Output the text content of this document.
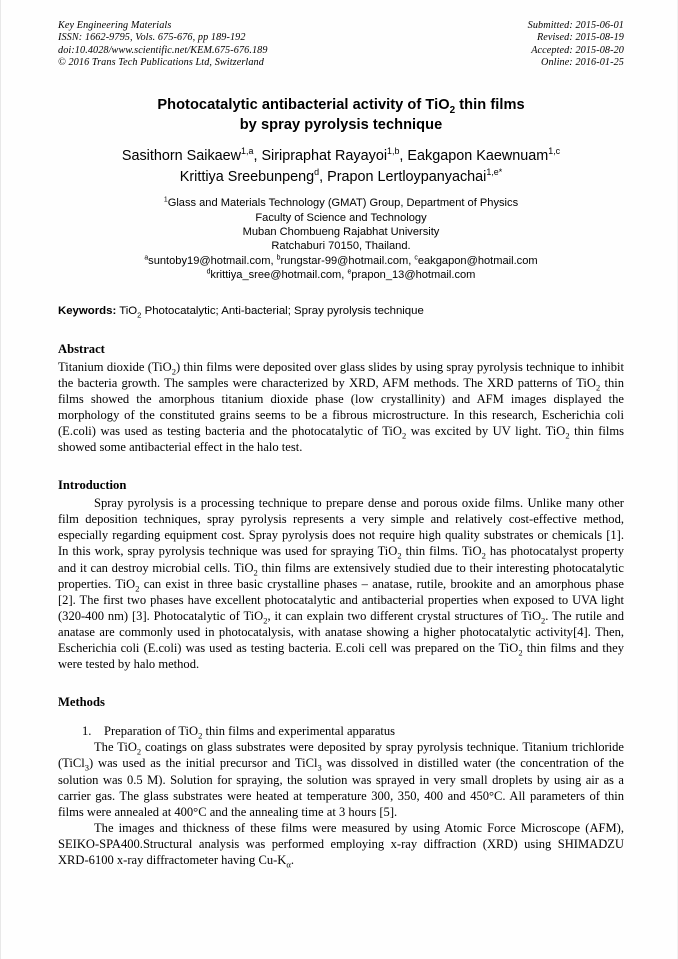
Key Engineering Materials
ISSN: 1662-9795, Vols. 675-676, pp 189-192
doi:10.4028/www.scientific.net/KEM.675-676.189
© 2016 Trans Tech Publications Ltd, Switzerland
Submitted: 2015-06-01
Revised: 2015-08-19
Accepted: 2015-08-20
Online: 2016-01-25
Photocatalytic antibacterial activity of TiO$_2$ thin films
by spray pyrolysis technique
Sasithorn Saikaew$^{1,a}$, Siripraphat Rayayoi$^{1,b}$, Eakgapon Kaewnuam$^{1,c}$
Krittiya Sreebunpeng$^d$, Prapon Lertloypanyachai$^{1,e*}$
$^1$Glass and Materials Technology (GMAT) Group, Department of Physics
Faculty of Science and Technology
Muban Chombueng Rajabhat University
Ratchaburi 70150, Thailand.
$^a$suntoby19@hotmail.com, $^b$rungstar-99@hotmail.com, $^c$eakgapon@hotmail.com
$^d$krittiya_sree@hotmail.com, $^e$prapon_13@hotmail.com
Keywords: TiO$_2$ Photocatalytic; Anti-bacterial; Spray pyrolysis technique
Abstract

Titanium dioxide (TiO$_2$) thin films were deposited over glass slides by using spray pyrolysis technique to inhibit the bacteria growth. The samples were characterized by XRD, AFM methods. The XRD patterns of TiO$_2$ thin films showed the amorphous titanium dioxide phase (low crystallinity) and AFM images displayed the morphology of the constituted grains seems to be a fibrous microstructure. In this research, Escherichia coli (E.coli) was used as testing bacteria and the photocatalytic of TiO$_2$ was excited by UV light. TiO$_2$ thin films showed some antibacterial effect in the halo test.

Introduction

Spray pyrolysis is a processing technique to prepare dense and porous oxide films. Unlike many other film deposition techniques, spray pyrolysis represents a very simple and relatively cost-effective method, especially regarding equipment cost. Spray pyrolysis does not require high quality substrates or chemicals [1]. In this work, spray pyrolysis technique was used for spraying TiO$_2$ thin films. TiO$_2$ has photocatalyst property and it can destroy microbial cells. TiO$_2$ thin films are extensively studied due to their interesting photocatalytic properties. TiO$_2$ can exist in three basic crystalline phases – anatase, rutile, brookite and an amorphous phase [2]. The first two phases have excellent photocatalytic and antibacterial properties when exposed to UVA light (320-400 nm) [3]. Photocatalytic of TiO$_2$, it can explain two different crystal structures of TiO$_2$. The rutile and anatase are commonly used in photocatalysis, with anatase showing a higher photocatalytic activity[4]. Then, Escherichia coli (E.coli) was used as testing bacteria. E.coli cell was prepared on the TiO$_2$ thin films and they were tested by halo method.

Methods
1. Preparation of TiO$_2$ thin films and experimental apparatus

The TiO$_2$ coatings on glass substrates were deposited by spray pyrolysis technique. Titanium trichloride (TiCl$_3$) was used as the initial precursor and TiCl$_3$ was dissolved in distilled water (the concentration of the solution was 0.5 M). Solution for spraying, the solution was sprayed in very small droplets by using air as a carrier gas. The glass substrates were heated at temperature 300, 350, 400 and 450°C. All parameters of thin films were annealed at 400°C and the annealing time at 3 hours [5].

The images and thickness of these films were measured by using Atomic Force Microscope (AFM), SEIKO-SPA400.Structural analysis was performed employing x-ray diffraction (XRD) using SHIMADZU XRD-6100 x-ray diffractometer having $Cu-K_\alpha$.
